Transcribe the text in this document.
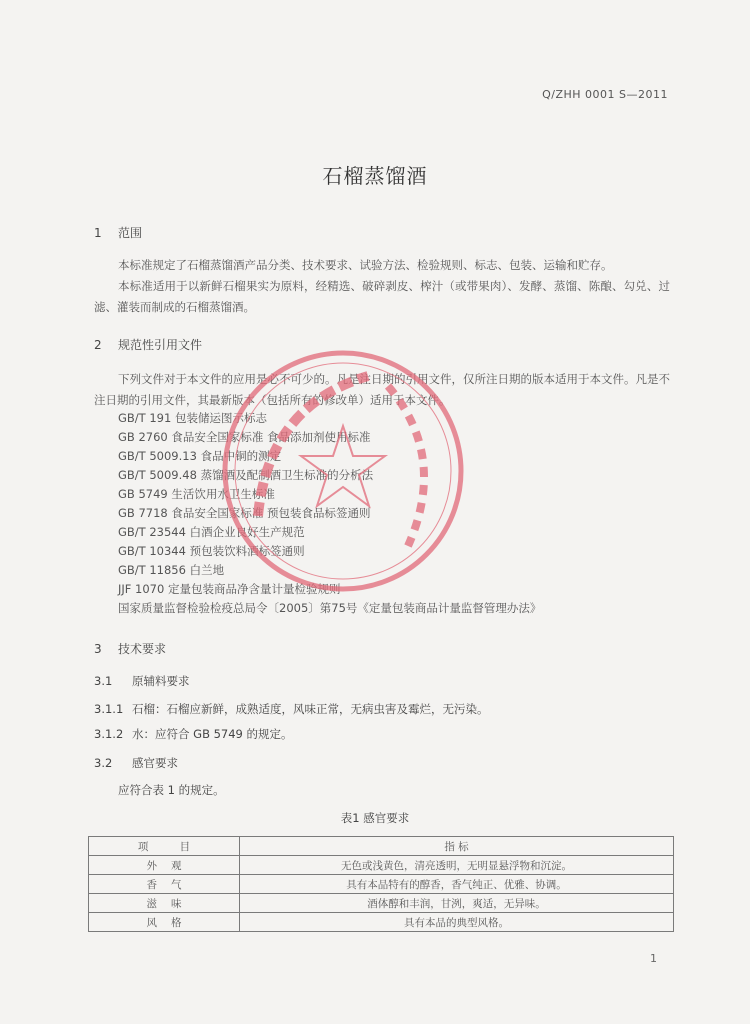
Q/ZHH 0001 S—2011
石榴蒸馏酒
1 范围
本标准规定了石榴蒸馏酒产品分类、技术要求、试验方法、检验规则、标志、包装、运输和贮存。
本标准适用于以新鲜石榴果实为原料，经精选、破碎剥皮、榨汁（或带果肉）、发酵、蒸馏、陈酿、勾兑、过滤、灌装而制成的石榴蒸馏酒。
2 规范性引用文件
下列文件对于本文件的应用是必不可少的。凡是注日期的引用文件，仅所注日期的版本适用于本文件。凡是不注日期的引用文件，其最新版本（包括所有的修改单）适用于本文件。
GB/T 191 包装储运图示标志
GB 2760 食品安全国家标准 食品添加剂使用标准
GB/T 5009.13 食品中铜的测定
GB/T 5009.48 蒸馏酒及配制酒卫生标准的分析法
GB 5749 生活饮用水卫生标准
GB 7718 食品安全国家标准 预包装食品标签通则
GB/T 23544 白酒企业良好生产规范
GB/T 10344 预包装饮料酒标签通则
GB/T 11856 白兰地
JJF 1070 定量包装商品净含量计量检验规则
国家质量监督检验检疫总局令〔2005〕第75号《定量包装商品计量监督管理办法》
3 技术要求
3.1 原辅料要求
3.1.1 石榴：石榴应新鲜，成熟适度，风味正常，无病虫害及霉烂，无污染。
3.1.2 水：应符合 GB 5749 的规定。
3.2 感官要求
应符合表 1 的规定。
表1 感官要求
项 目	指 标
外观	无色或浅黄色，清亮透明，无明显悬浮物和沉淀。
香气	具有本品特有的醇香，香气纯正、优雅、协调。
滋味	酒体醇和丰润，甘洌，爽适，无异味。
风格	具有本品的典型风格。
1
